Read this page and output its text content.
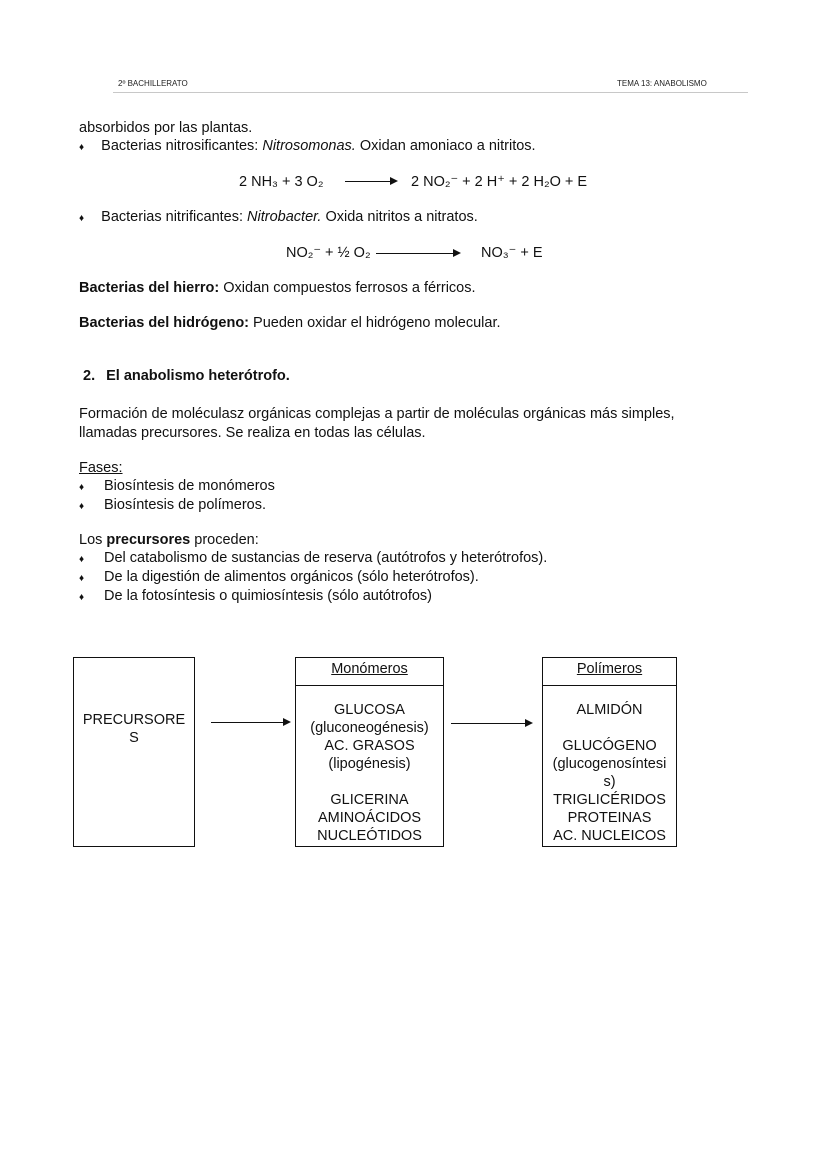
2º BACHILLERATO	TEMA 13: ANABOLISMO
absorbidos por las plantas.
♦ Bacterias nitrosificantes: Nitrosomonas. Oxidan amoniaco a nitritos.
2 NH₃ + 3 O₂	2 NO₂⁻ + 2 H⁺ + 2 H₂O + E
♦ Bacterias nitrificantes: Nitrobacter. Oxida nitritos a nitratos.
NO₂⁻ + ½ O₂	NO₃⁻ + E
Bacterias del hierro: Oxidan compuestos ferrosos a férricos.
Bacterias del hidrógeno: Pueden oxidar el hidrógeno molecular.
2. El anabolismo heterótrofo.
Formación de moléculasz orgánicas complejas a partir de moléculas orgánicas más simples,
llamadas precursores. Se realiza en todas las células.
Fases:
♦ Biosíntesis de monómeros
♦ Biosíntesis de polímeros.
Los precursores proceden:
♦ Del catabolismo de sustancias de reserva (autótrofos y heterótrofos).
♦ De la digestión de alimentos orgánicos (sólo heterótrofos).
♦ De la fotosíntesis o quimiosíntesis (sólo autótrofos)
PRECURSORE
S
Monómeros
GLUCOSA
(gluconeogénesis)
AC. GRASOS
(lipogénesis)
GLICERINA
AMINOÁCIDOS
NUCLEÓTIDOS
Polímeros
ALMIDÓN
GLUCÓGENO
(glucogenosíntesi
s)
TRIGLICÉRIDOS
PROTEINAS
AC. NUCLEICOS
